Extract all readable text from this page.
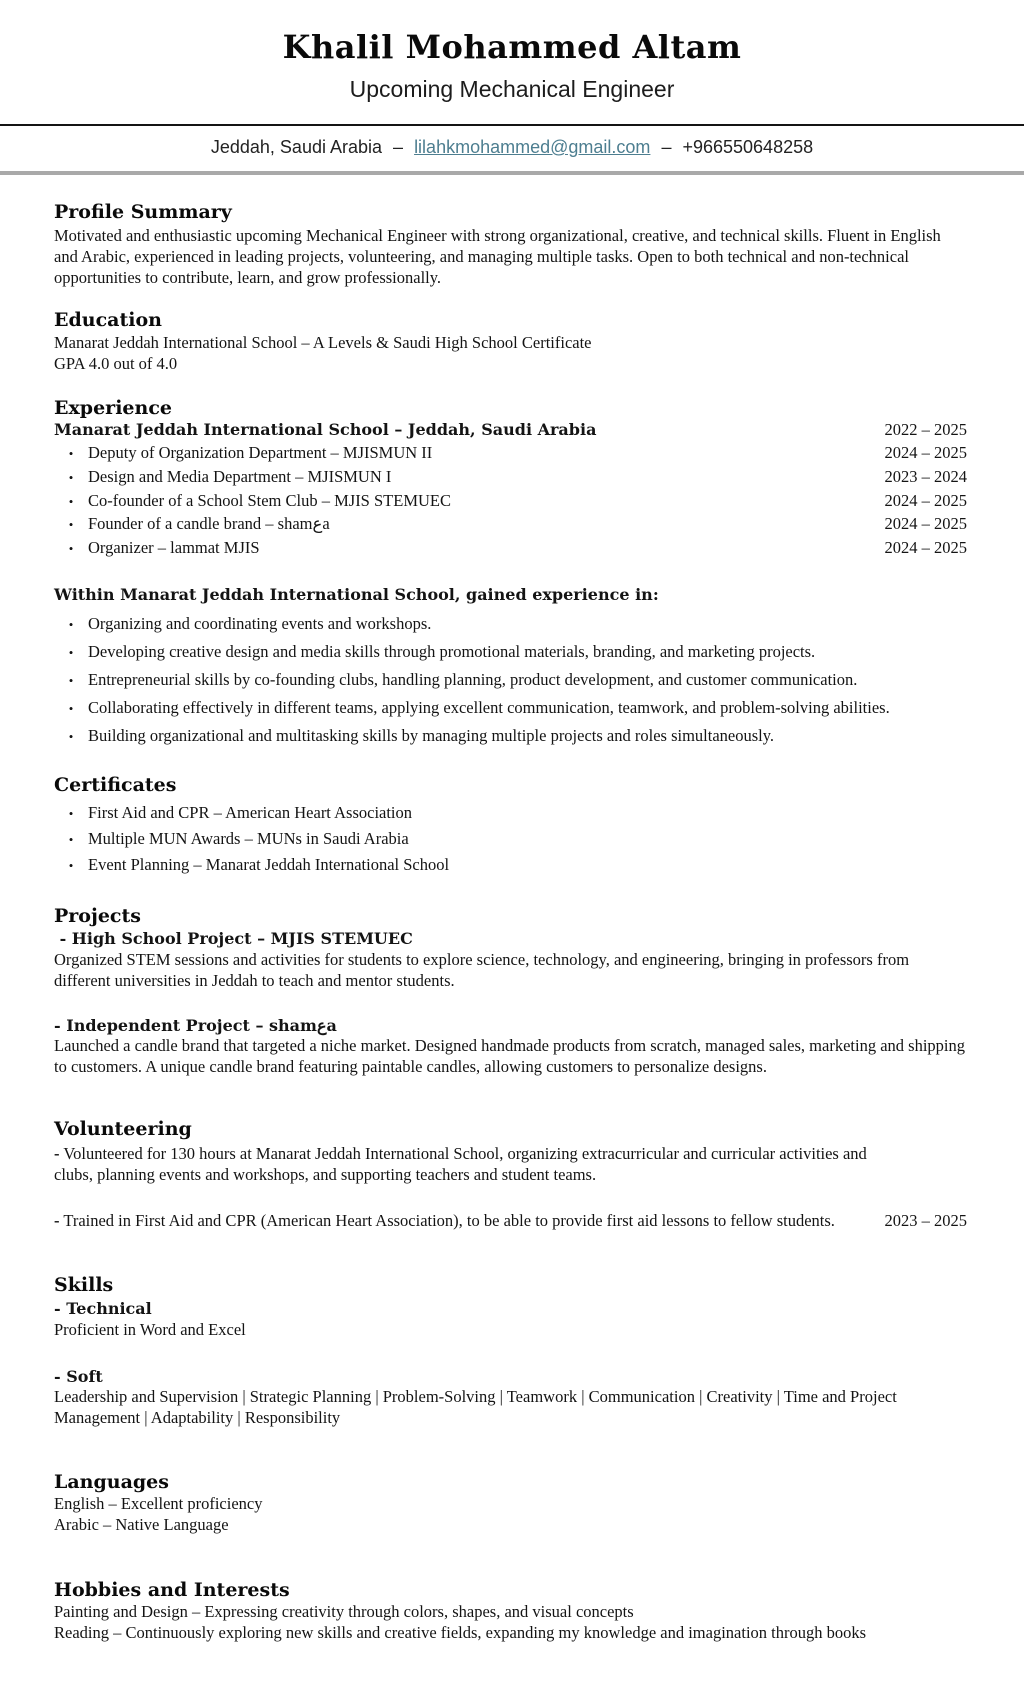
Khalil Mohammed Altam
Upcoming Mechanical Engineer
Jeddah, Saudi Arabia – lilahkmohammed@gmail.com – +966550648258
Profile Summary
Motivated and enthusiastic upcoming Mechanical Engineer with strong organizational, creative, and technical skills. Fluent in English and Arabic, experienced in leading projects, volunteering, and managing multiple tasks. Open to both technical and non-technical opportunities to contribute, learn, and grow professionally.
Education
Manarat Jeddah International School – A Levels & Saudi High School Certificate
GPA 4.0 out of 4.0
Experience
Manarat Jeddah International School – Jeddah, Saudi Arabia	2022 – 2025
• Deputy of Organization Department – MJISMUN II	2024 – 2025
• Design and Media Department – MJISMUN I	2023 – 2024
• Co-founder of a School Stem Club – MJIS STEMUEC	2024 – 2025
• Founder of a candle brand – shamعa	2024 – 2025
• Organizer – lammat MJIS	2024 – 2025
Within Manarat Jeddah International School, gained experience in:
• Organizing and coordinating events and workshops.
• Developing creative design and media skills through promotional materials, branding, and marketing projects.
• Entrepreneurial skills by co-founding clubs, handling planning, product development, and customer communication.
• Collaborating effectively in different teams, applying excellent communication, teamwork, and problem-solving abilities.
• Building organizational and multitasking skills by managing multiple projects and roles simultaneously.
Certificates
• First Aid and CPR – American Heart Association
• Multiple MUN Awards – MUNs in Saudi Arabia
• Event Planning – Manarat Jeddah International School
Projects
- High School Project – MJIS STEMUEC
Organized STEM sessions and activities for students to explore science, technology, and engineering, bringing in professors from different universities in Jeddah to teach and mentor students.
- Independent Project – shamعa
Launched a candle brand that targeted a niche market. Designed handmade products from scratch, managed sales, marketing and shipping to customers. A unique candle brand featuring paintable candles, allowing customers to personalize designs.
Volunteering
- Volunteered for 130 hours at Manarat Jeddah International School, organizing extracurricular and curricular activities and clubs, planning events and workshops, and supporting teachers and student teams.
- Trained in First Aid and CPR (American Heart Association), to be able to provide first aid lessons to fellow students.	2023 – 2025
Skills
- Technical
Proficient in Word and Excel
- Soft
Leadership and Supervision | Strategic Planning | Problem-Solving | Teamwork | Communication | Creativity | Time and Project Management | Adaptability | Responsibility
Languages
English – Excellent proficiency
Arabic – Native Language
Hobbies and Interests
Painting and Design – Expressing creativity through colors, shapes, and visual concepts
Reading – Continuously exploring new skills and creative fields, expanding my knowledge and imagination through books
